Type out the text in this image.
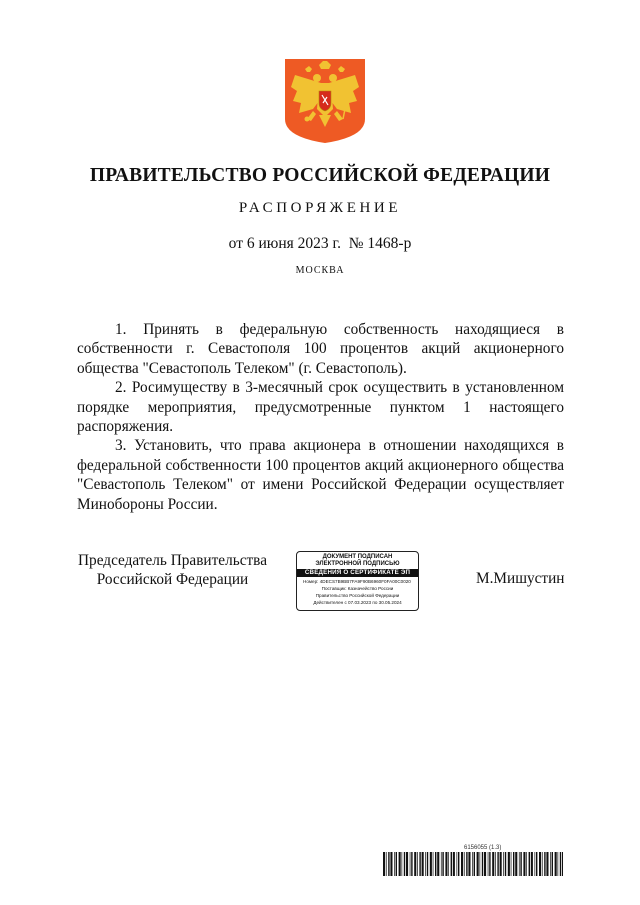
ПРАВИТЕЛЬСТВО РОССИЙСКОЙ ФЕДЕРАЦИИ
РАСПОРЯЖЕНИЕ
от 6 июня 2023 г.  № 1468-р
МОСКВА

1. Принять в федеральную собственность находящиеся в собственности г. Севастополя 100 процентов акций акционерного общества "Севастополь Телеком" (г. Севастополь).

2. Росимуществу в 3-месячный срок осуществить в установленном порядке мероприятия, предусмотренные пунктом 1 настоящего распоряжения.

3. Установить, что права акционера в отношении находящихся в федеральной собственности 100 процентов акций акционерного общества "Севастополь Телеком" от имени Российской Федерации осуществляет Минобороны России.

Председатель Правительства
Российской Федерации
ДОКУМЕНТ ПОДПИСАН
ЭЛЕКТРОННОЙ ПОДПИСЬЮ
СВЕДЕНИЯ О СЕРТИФИКАТЕ ЭП
Номер: 4DECS7B9BB7FA9F90B6960F0FA00C0020
Поставщик: Казначейство России
Правительство Российской Федерации
Действителен с 07.03.2023 по 30.05.2024
М.Мишустин
6156055 (1.3)
